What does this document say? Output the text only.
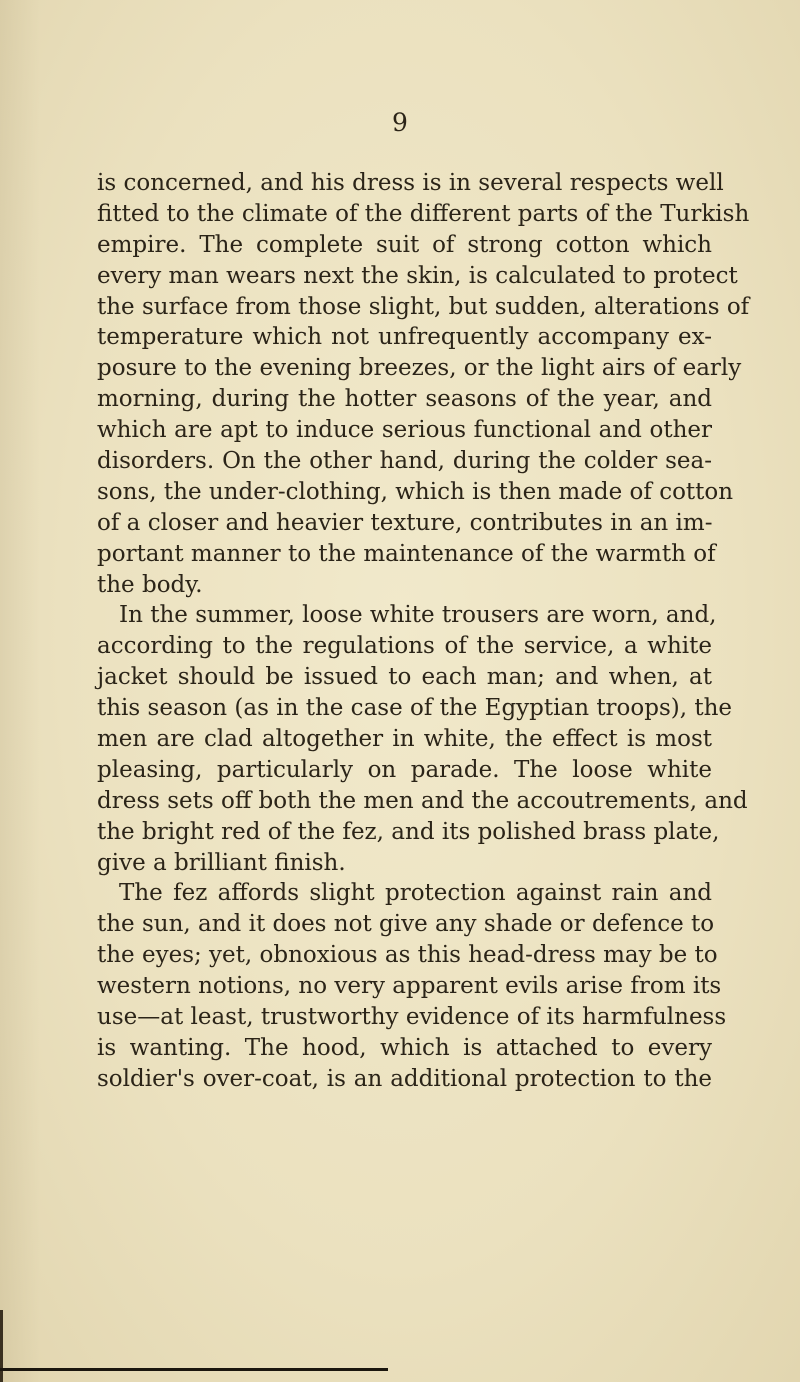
9
is concerned, and his dress is in several respects well
fitted to the climate of the different parts of the Turkish
empire. The complete suit of strong cotton which
every man wears next the skin, is calculated to protect
the surface from those slight, but sudden, alterations of
temperature which not unfrequently accompany ex-
posure to the evening breezes, or the light airs of early
morning, during the hotter seasons of the year, and
which are apt to induce serious functional and other
disorders. On the other hand, during the colder sea-
sons, the under-clothing, which is then made of cotton
of a closer and heavier texture, contributes in an im-
portant manner to the maintenance of the warmth of
the body.
In the summer, loose white trousers are worn, and,
according to the regulations of the service, a white
jacket should be issued to each man; and when, at
this season (as in the case of the Egyptian troops), the
men are clad altogether in white, the effect is most
pleasing, particularly on parade. The loose white
dress sets off both the men and the accoutrements, and
the bright red of the fez, and its polished brass plate,
give a brilliant finish.
The fez affords slight protection against rain and
the sun, and it does not give any shade or defence to
the eyes; yet, obnoxious as this head-dress may be to
western notions, no very apparent evils arise from its
use—at least, trustworthy evidence of its harmfulness
is wanting. The hood, which is attached to every
soldier's over-coat, is an additional protection to the
